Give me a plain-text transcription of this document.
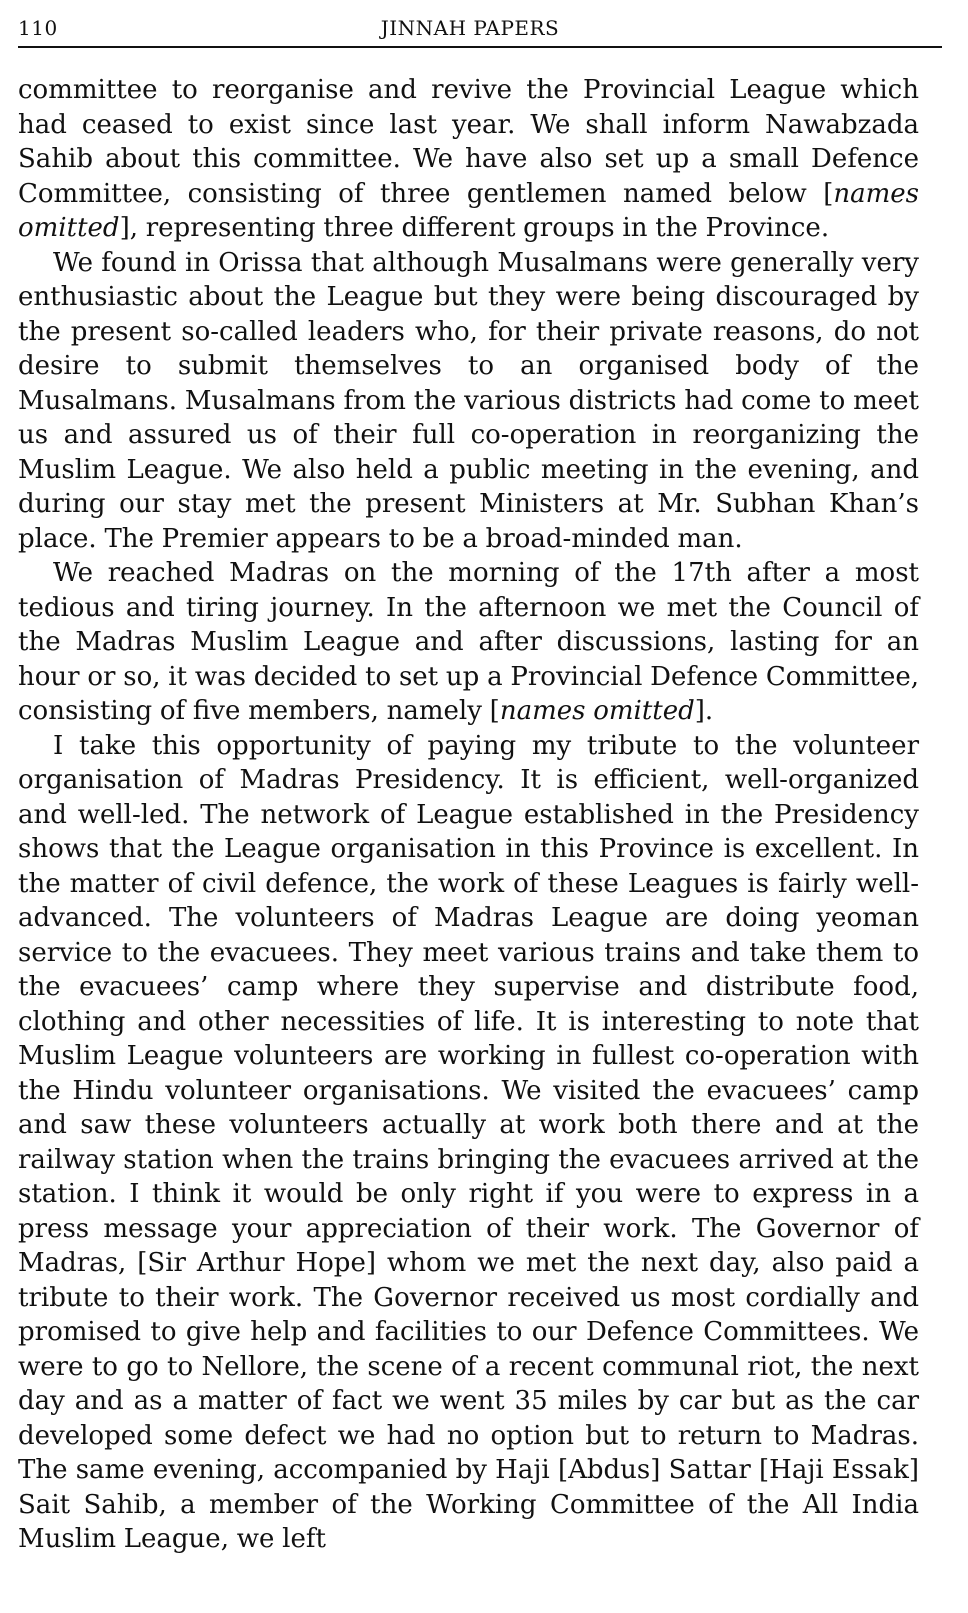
110	JINNAH PAPERS

committee to reorganise and revive the Provincial League which had ceased to exist since last year. We shall inform Nawabzada Sahib about this committee. We have also set up a small Defence Committee, consisting of three gentlemen named below [names omitted], representing three different groups in the Province.

We found in Orissa that although Musalmans were generally very enthusiastic about the League but they were being discouraged by the present so-called leaders who, for their private reasons, do not desire to submit themselves to an organised body of the Musalmans. Musalmans from the various districts had come to meet us and assured us of their full co-operation in reorganizing the Muslim League. We also held a public meeting in the evening, and during our stay met the present Ministers at Mr. Subhan Khan’s place. The Premier appears to be a broad-minded man.

We reached Madras on the morning of the 17th after a most tedious and tiring journey. In the afternoon we met the Council of the Madras Muslim League and after discussions, lasting for an hour or so, it was decided to set up a Provincial Defence Committee, consisting of five members, namely [names omitted].

I take this opportunity of paying my tribute to the volunteer organisation of Madras Presidency. It is efficient, well-organized and well-led. The network of League established in the Presidency shows that the League organisation in this Province is excellent. In the matter of civil defence, the work of these Leagues is fairly well-advanced. The volunteers of Madras League are doing yeoman service to the evacuees. They meet various trains and take them to the evacuees’ camp where they supervise and distribute food, clothing and other necessities of life. It is interesting to note that Muslim League volunteers are working in fullest co-operation with the Hindu volunteer organisations. We visited the evacuees’ camp and saw these volunteers actually at work both there and at the railway station when the trains bringing the evacuees arrived at the station. I think it would be only right if you were to express in a press message your appreciation of their work. The Governor of Madras, [Sir Arthur Hope] whom we met the next day, also paid a tribute to their work. The Governor received us most cordially and promised to give help and facilities to our Defence Committees. We were to go to Nellore, the scene of a recent communal riot, the next day and as a matter of fact we went 35 miles by car but as the car developed some defect we had no option but to return to Madras. The same evening, accompanied by Haji [Abdus] Sattar [Haji Essak] Sait Sahib, a member of the Working Committee of the All India Muslim League, we left
